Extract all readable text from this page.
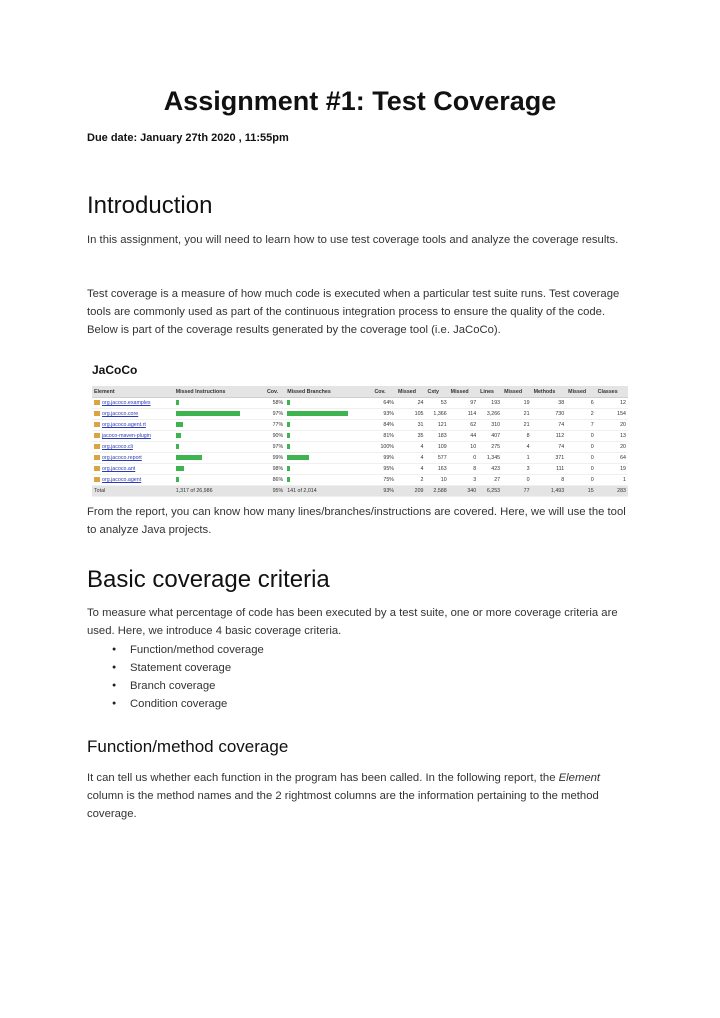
Assignment #1: Test Coverage
Due date: January 27th 2020 , 11:55pm
Introduction

In this assignment, you will need to learn how to use test coverage tools and analyze the coverage results.

Test coverage is a measure of how much code is executed when a particular test suite runs. Test coverage tools are commonly used as part of the continuous integration process to ensure the quality of the code. Below is part of the coverage results generated by the coverage tool (i.e. JaCoCo).

JaCoCo
Element	Missed Instructions	Cov.	Missed Branches	Cov.	Missed	Cxty	Missed	Lines	Missed	Methods	Missed	Classes
org.jacoco.examples		58%		64%	24	53	97	193	19	38	6	12
org.jacoco.core		97%		93%	105	1,366	114	3,266	21	730	2	154
org.jacoco.agent.rt		77%		84%	31	121	62	310	21	74	7	20
jacoco-maven-plugin		90%		81%	35	183	44	407	8	112	0	13
org.jacoco.cli		97%		100%	4	109	10	275	4	74	0	20
org.jacoco.report		99%		99%	4	577	0	1,345	1	371	0	64
org.jacoco.ant		98%		95%	4	163	8	423	3	111	0	19
org.jacoco.agent		86%		75%	2	10	3	27	0	8	0	1
Total	1,317 of 26,986	95%	141 of 2,014	93%	209	2,588	340	6,253	77	1,493	15	283

From the report, you can know how many lines/branches/instructions are covered. Here, we will use the tool to analyze Java projects.

Basic coverage criteria

To measure what percentage of code has been executed by a test suite, one or more coverage criteria are used. Here, we introduce 4 basic coverage criteria.

● Function/method coverage
● Statement coverage
● Branch coverage
● Condition coverage
Function/method coverage

It can tell us whether each function in the program has been called. In the following report, the Element column is the method names and the 2 rightmost columns are the information pertaining to the method coverage.
